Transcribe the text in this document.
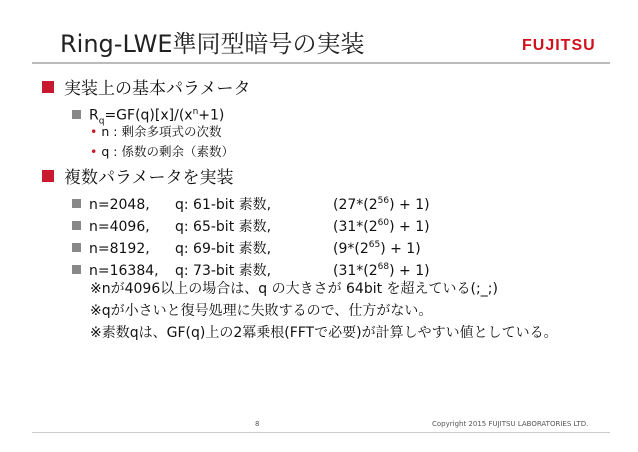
Ring-LWE準同型暗号の実装	FUJITSU
実装上の基本パラメータ
$R_q=GF(q)[x]/(x^n+1)$
• n : 剰余多項式の次数
• q : 係数の剰余（素数）
複数パラメータを実装
n=2048, q: 61-bit 素数,	$(27*(2^{56}) + 1)$
n=4096, q: 65-bit 素数,	$(31*(2^{60}) + 1)$
n=8192, q: 69-bit 素数,	$(9*(2^{65}) + 1)$
n=16384, q: 73-bit 素数,	$(31*(2^{68}) + 1)$
※nが4096以上の場合は、q の大きさが 64bit を超えている(;_;)
※qが小さいと復号処理に失敗するので、仕方がない。
※素数qは、GF(q)上の2冪乗根(FFTで必要)が計算しやすい値としている。
8	Copyright 2015 FUJITSU LABORATORIES LTD.
